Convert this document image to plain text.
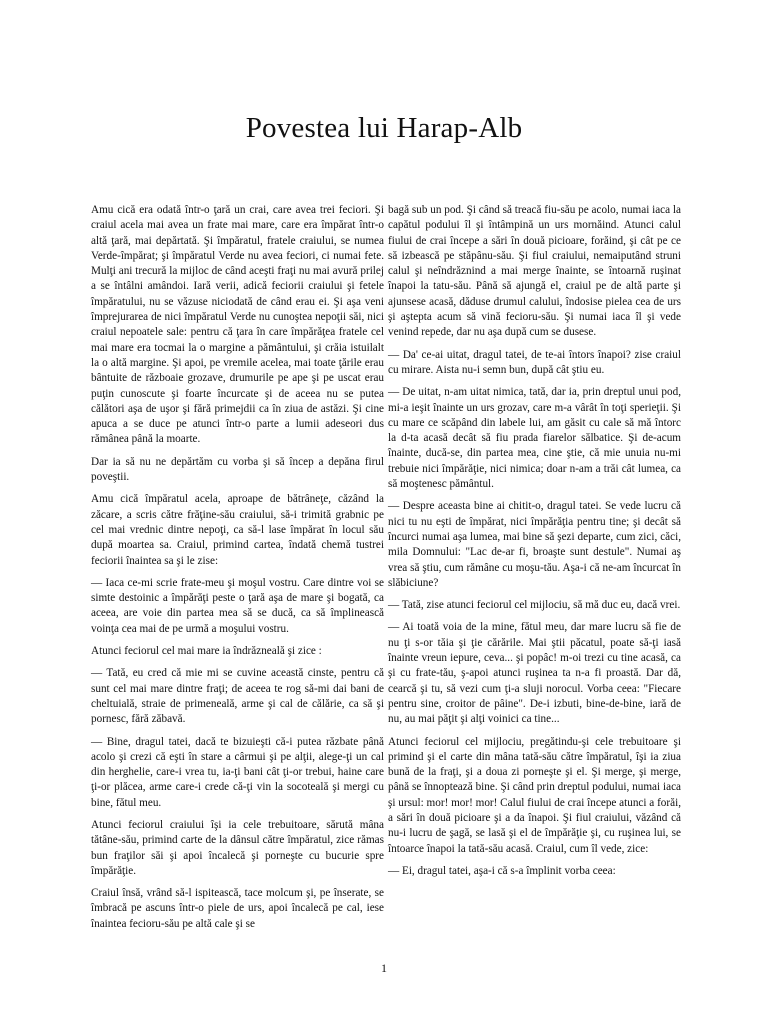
Povestea lui Harap-Alb

Amu cică era odată într-o ţară un crai, care avea trei feciori. Şi craiul acela mai avea un frate mai mare, care era împărat într-o altă ţară, mai depărtată. Şi împăratul, fratele craiului, se numea Verde-împărat; şi împăratul Verde nu avea feciori, ci numai fete. Mulţi ani trecură la mijloc de când aceşti fraţi nu mai avură prilej a se întâlni amândoi. Iară verii, adică feciorii craiului şi fetele împăratului, nu se văzuse niciodată de când erau ei. Şi aşa veni împrejurarea de nici împăratul Verde nu cunoştea nepoţii săi, nici craiul nepoatele sale: pentru că ţara în care împărăţea fratele cel mai mare era tocmai la o margine a pământului, şi crăia istuilalt la o altă margine. Şi apoi, pe vremile acelea, mai toate ţările erau bântuite de războaie grozave, drumurile pe ape şi pe uscat erau puţin cunoscute şi foarte încurcate şi de aceea nu se putea călători aşa de uşor şi fără primejdii ca în ziua de astăzi. Şi cine apuca a se duce pe atunci într-o parte a lumii adeseori dus rămânea până la moarte.

Dar ia să nu ne depărtăm cu vorba şi să încep a depăna firul poveştii.

Amu cică împăratul acela, aproape de bătrâneţe, căzând la zăcare, a scris către frăţine-său craiului, să-i trimită grabnic pe cel mai vrednic dintre nepoţi, ca să-l lase împărat în locul său după moartea sa. Craiul, primind cartea, îndată chemă tustrei feciorii înaintea sa şi le zise:

— Iaca ce-mi scrie frate-meu şi moşul vostru. Care dintre voi se simte destoinic a împărăţi peste o ţară aşa de mare şi bogată, ca aceea, are voie din partea mea să se ducă, ca să împlinească voinţa cea mai de pe urmă a moşului vostru.

Atunci feciorul cel mai mare ia îndrăzneală şi zice :

— Tată, eu cred că mie mi se cuvine această cinste, pentru că sunt cel mai mare dintre fraţi; de aceea te rog să-mi dai bani de cheltuială, straie de primeneală, arme şi cal de călărie, ca să şi pornesc, fără zăbavă.

— Bine, dragul tatei, dacă te bizuieşti că-i putea răzbate până acolo şi crezi că eşti în stare a cârmui şi pe alţii, alege-ţi un cal din herghelie, care-i vrea tu, ia-ţi bani cât ţi-or trebui, haine care ţi-or plăcea, arme care-i crede că-ţi vin la socoteală şi mergi cu bine, fătul meu.

Atunci feciorul craiului îşi ia cele trebuitoare, sărută mâna tătâne-său, primind carte de la dânsul către împăratul, zice rămas bun fraţilor săi şi apoi încalecă şi porneşte cu bucurie spre împărăţie.

Craiul însă, vrând să-l ispitească, tace molcum şi, pe înserate, se îmbracă pe ascuns într-o piele de urs, apoi încalecă pe cal, iese înaintea fecioru-său pe altă cale şi se

bagă sub un pod. Şi când să treacă fiu-său pe acolo, numai iaca la capătul podului îl şi întâmpină un urs mornăind. Atunci calul fiului de crai începe a sări în două picioare, forăind, şi cât pe ce să izbească pe stăpânu-său. Şi fiul craiului, nemaiputând struni calul şi neîndrăznind a mai merge înainte, se întoarnă ruşinat înapoi la tatu-său. Până să ajungă el, craiul pe de altă parte şi ajunsese acasă, dăduse drumul calului, îndosise pielea cea de urs şi aştepta acum să vină fecioru-său. Şi numai iaca îl şi vede venind repede, dar nu aşa după cum se dusese.

— Da' ce-ai uitat, dragul tatei, de te-ai întors înapoi? zise craiul cu mirare. Aista nu-i semn bun, după cât ştiu eu.

— De uitat, n-am uitat nimica, tată, dar ia, prin dreptul unui pod, mi-a ieşit înainte un urs grozav, care m-a vârât în toţi sperieţii. Şi cu mare ce scăpând din labele lui, am găsit cu cale să mă întorc la d-ta acasă decât să fiu prada fiarelor sălbatice. Şi de-acum înainte, ducă-se, din partea mea, cine ştie, că mie unuia nu-mi trebuie nici împărăţie, nici nimica; doar n-am a trăi cât lumea, ca să moştenesc pământul.

— Despre aceasta bine ai chitit-o, dragul tatei. Se vede lucru că nici tu nu eşti de împărat, nici împărăţia pentru tine; şi decât să încurci numai aşa lumea, mai bine să şezi departe, cum zici, căci, mila Domnului: "Lac de-ar fi, broaşte sunt destule". Numai aş vrea să ştiu, cum rămâne cu moşu-tău. Aşa-i că ne-am încurcat în slăbiciune?

— Tată, zise atunci feciorul cel mijlociu, să mă duc eu, dacă vrei.

— Ai toată voia de la mine, fătul meu, dar mare lucru să fie de nu ţi s-or tăia şi ţie cărările. Mai ştii păcatul, poate să-ţi iasă înainte vreun iepure, ceva... şi popâc! m-oi trezi cu tine acasă, ca şi cu frate-tău, ş-apoi atunci ruşinea ta n-a fi proastă. Dar dă, cearcă şi tu, să vezi cum ţi-a sluji norocul. Vorba ceea: "Fiecare pentru sine, croitor de pâine". De-i izbuti, bine-de-bine, iară de nu, au mai păţit şi alţi voinici ca tine...

Atunci feciorul cel mijlociu, pregătindu-şi cele trebuitoare şi primind şi el carte din mâna tată-său către împăratul, îşi ia ziua bună de la fraţi, şi a doua zi porneşte şi el. Şi merge, şi merge, până se înnoptează bine. Şi când prin dreptul podului, numai iaca şi ursul: mor! mor! mor! Calul fiului de crai începe atunci a forăi, a sări în două picioare şi a da înapoi. Şi fiul craiului, văzând că nu-i lucru de şagă, se lasă şi el de împărăţie şi, cu ruşinea lui, se întoarce înapoi la tată-său acasă. Craiul, cum îl vede, zice:

— Ei, dragul tatei, aşa-i că s-a împlinit vorba ceea:

1
